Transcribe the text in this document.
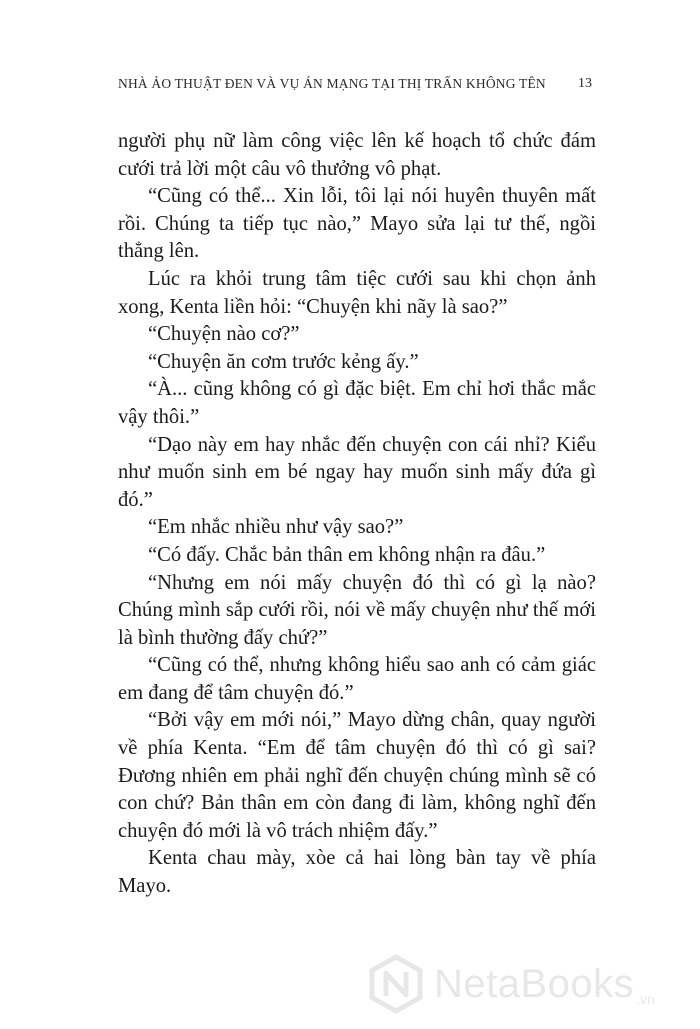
NHÀ ẢO THUẬT ĐEN VÀ VỤ ÁN MẠNG TẠI THỊ TRẤN KHÔNG TÊN 13

người phụ nữ làm công việc lên kế hoạch tổ chức đám cưới trả lời một câu vô thưởng vô phạt.

“Cũng có thể... Xin lỗi, tôi lại nói huyên thuyên mất rồi. Chúng ta tiếp tục nào,” Mayo sửa lại tư thế, ngồi thẳng lên.

Lúc ra khỏi trung tâm tiệc cưới sau khi chọn ảnh xong, Kenta liền hỏi: “Chuyện khi nãy là sao?”

“Chuyện nào cơ?”

“Chuyện ăn cơm trước kẻng ấy.”

“À... cũng không có gì đặc biệt. Em chỉ hơi thắc mắc vậy thôi.”

“Dạo này em hay nhắc đến chuyện con cái nhỉ? Kiểu như muốn sinh em bé ngay hay muốn sinh mấy đứa gì đó.”

“Em nhắc nhiều như vậy sao?”

“Có đấy. Chắc bản thân em không nhận ra đâu.”

“Nhưng em nói mấy chuyện đó thì có gì lạ nào? Chúng mình sắp cưới rồi, nói về mấy chuyện như thế mới là bình thường đấy chứ?”

“Cũng có thể, nhưng không hiểu sao anh có cảm giác em đang để tâm chuyện đó.”

“Bởi vậy em mới nói,” Mayo dừng chân, quay người về phía Kenta. “Em để tâm chuyện đó thì có gì sai? Đương nhiên em phải nghĩ đến chuyện chúng mình sẽ có con chứ? Bản thân em còn đang đi làm, không nghĩ đến chuyện đó mới là vô trách nhiệm đấy.”

Kenta chau mày, xòe cả hai lòng bàn tay về phía Mayo.

NetaBooks .vn
